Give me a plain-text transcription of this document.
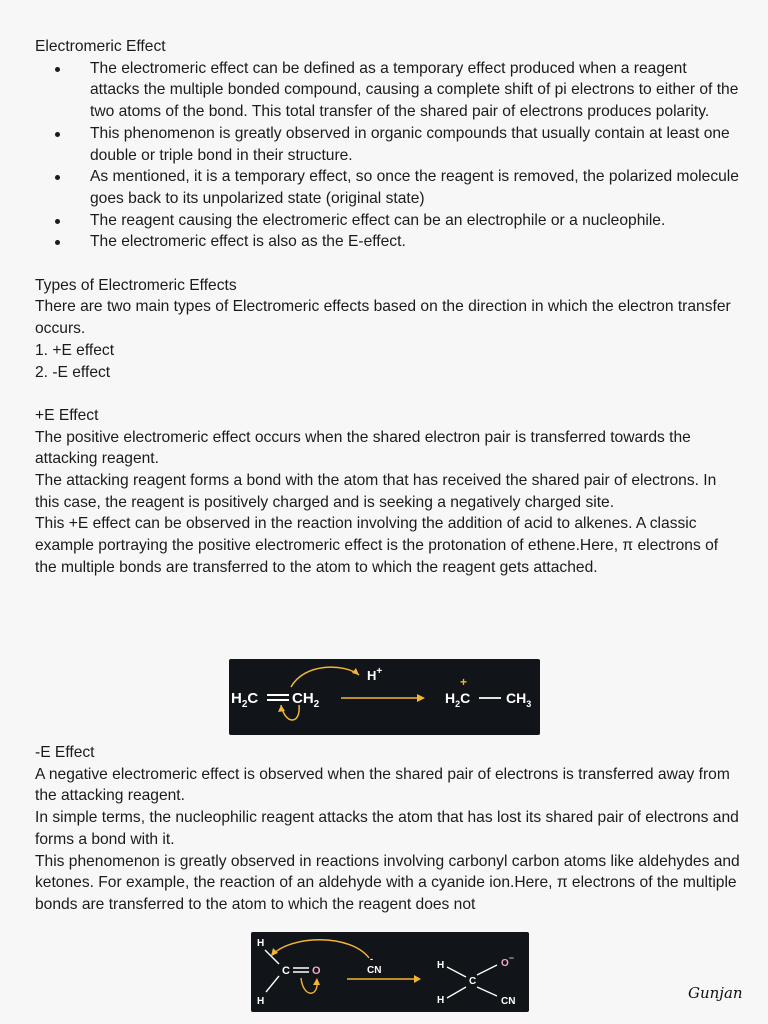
Electromeric Effect

The electromeric effect can be defined as a temporary effect produced when a reagent attacks the multiple bonded compound, causing a complete shift of pi electrons to either of the two atoms of the bond. This total transfer of the shared pair of electrons produces polarity.
This phenomenon is greatly observed in organic compounds that usually contain at least one double or triple bond in their structure.
As mentioned, it is a temporary effect, so once the reagent is removed, the polarized molecule goes back to its unpolarized state (original state)
The reagent causing the electromeric effect can be an electrophile or a nucleophile.
The electromeric effect is also as the E-effect.

Types of Electromeric Effects

There are two main types of Electromeric effects based on the direction in which the electron transfer occurs.

1. +E effect

2. -E effect

+E Effect

The positive electromeric effect occurs when the shared electron pair is transferred towards the attacking reagent.

The attacking reagent forms a bond with the atom that has received the shared pair of electrons. In this case, the reagent is positively charged and is seeking a negatively charged site.

This +E effect can be observed in the reaction involving the addition of acid to alkenes. A classic example portraying the positive electromeric effect is the protonation of ethene.Here, π electrons of the multiple bonds are transferred to the atom to which the reagent gets attached.

$H_2C$ $CH_2$
H+
+
$H_2C$	$CH_3$

-E Effect

A negative electromeric effect is observed when the shared pair of electrons is transferred away from the attacking reagent.

In simple terms, the nucleophilic reagent attacks the atom that has lost its shared pair of electrons and forms a bond with it.

This phenomenon is greatly observed in reactions involving carbonyl carbon atoms like aldehydes and ketones. For example, the reaction of an aldehyde with a cyanide ion.Here, π electrons of the multiple bonds are transferred to the atom to which the reagent does not

H
C O
H
-
CN	H
C
O−
H	CN	Gunjan
